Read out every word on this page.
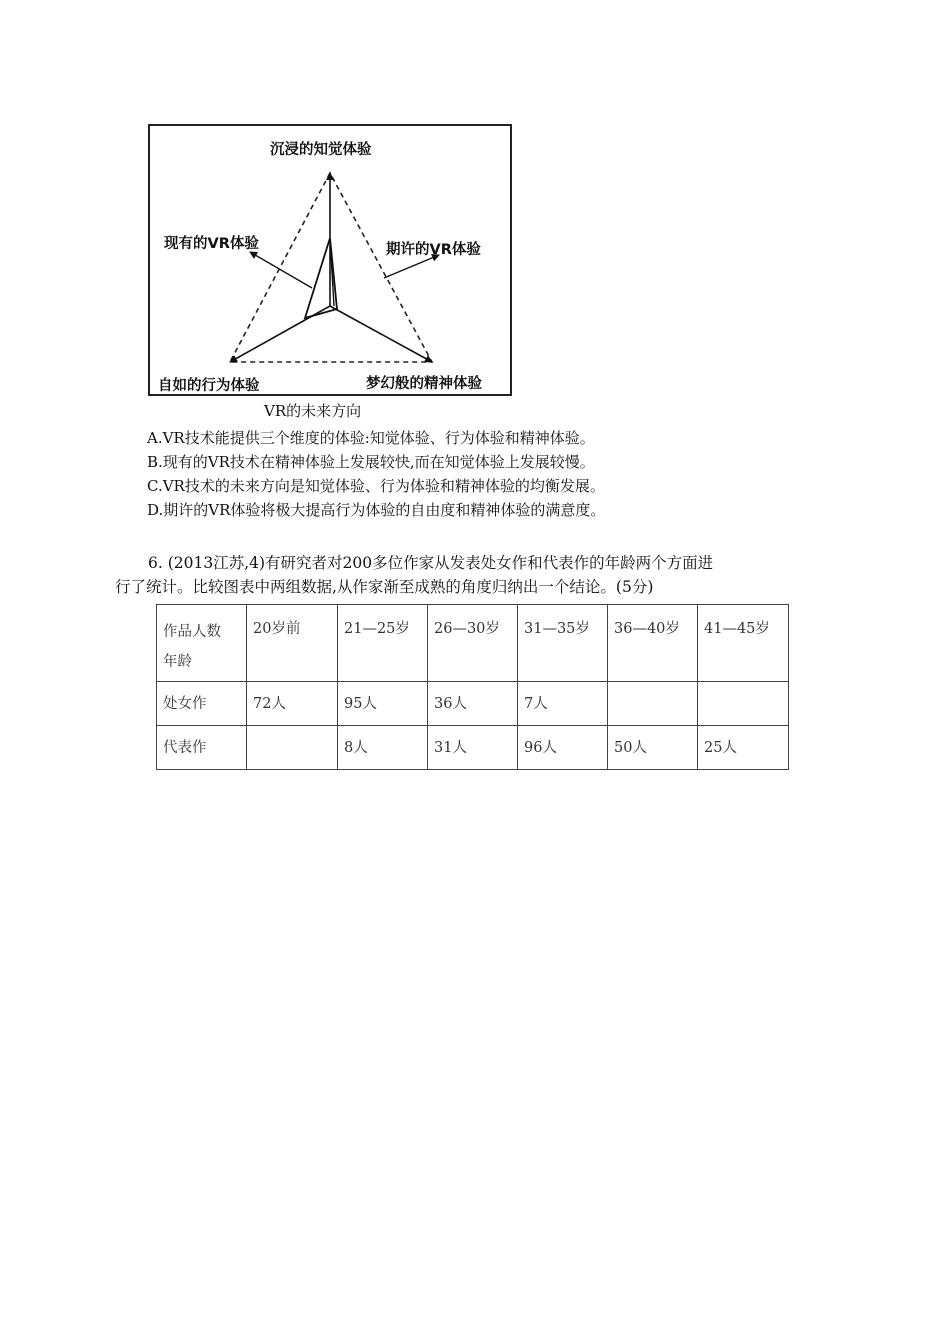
沉浸的知觉体验
现有的VR体验	期许的VR体验
自如的行为体验	梦幻般的精神体验
VR的未来方向
A.VR技术能提供三个维度的体验:知觉体验、行为体验和精神体验。
B.现有的VR技术在精神体验上发展较快,而在知觉体验上发展较慢。
C.VR技术的未来方向是知觉体验、行为体验和精神体验的均衡发展。
D.期许的VR体验将极大提高行为体验的自由度和精神体验的满意度。
6. (2013江苏,4)有研究者对200多位作家从发表处女作和代表作的年龄两个方面进
行了统计。比较图表中两组数据,从作家渐至成熟的角度归纳出一个结论。(5分)
作品人数
年龄	20岁前	21—25岁	26—30岁	31—35岁	36—40岁	41—45岁
处女作	72人	95人	36人	7人		
代表作		8人	31人	96人	50人	25人
